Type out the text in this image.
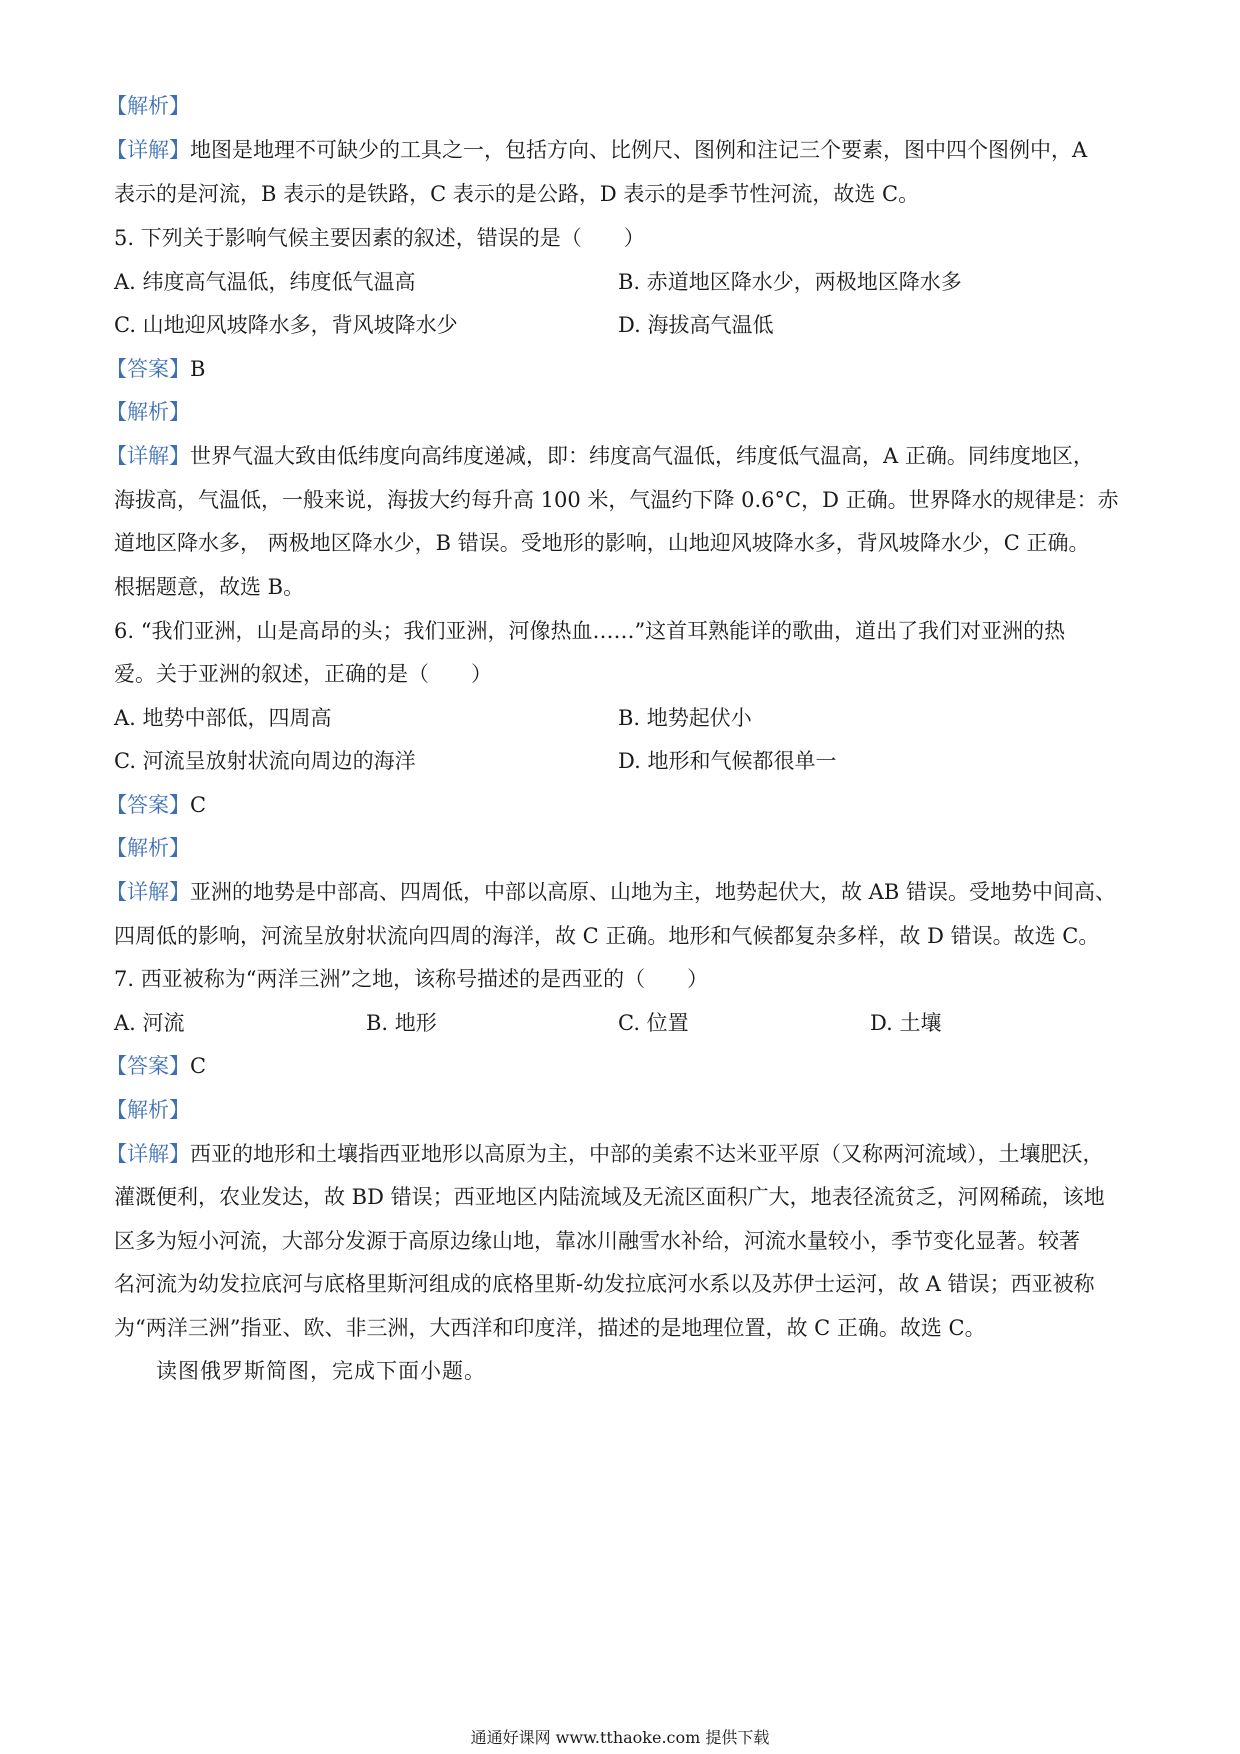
【解析】
【详解】地图是地理不可缺少的工具之一，包括方向、比例尺、图例和注记三个要素，图中四个图例中，A
表示的是河流，B 表示的是铁路，C 表示的是公路，D 表示的是季节性河流，故选 C。
5. 下列关于影响气候主要因素的叙述，错误的是（　　）
A. 纬度高气温低，纬度低气温高	B. 赤道地区降水少，两极地区降水多
C. 山地迎风坡降水多，背风坡降水少	D. 海拔高气温低
【答案】B
【解析】
【详解】世界气温大致由低纬度向高纬度递减，即：纬度高气温低，纬度低气温高，A 正确。同纬度地区，
海拔高，气温低，一般来说，海拔大约每升高 100 米，气温约下降 0.6°C，D 正确。世界降水的规律是：赤
道地区降水多， 两极地区降水少，B 错误。受地形的影响，山地迎风坡降水多，背风坡降水少，C 正确。
根据题意，故选 B。
6. “我们亚洲，山是高昂的头；我们亚洲，河像热血……”这首耳熟能详的歌曲，道出了我们对亚洲的热
爱。关于亚洲的叙述，正确的是（　　）
A. 地势中部低，四周高	B. 地势起伏小
C. 河流呈放射状流向周边的海洋	D. 地形和气候都很单一
【答案】C
【解析】
【详解】亚洲的地势是中部高、四周低，中部以高原、山地为主，地势起伏大，故 AB 错误。受地势中间高、
四周低的影响，河流呈放射状流向四周的海洋，故 C 正确。地形和气候都复杂多样，故 D 错误。故选 C。
7. 西亚被称为“两洋三洲”之地，该称号描述的是西亚的（　　）
A. 河流	B. 地形	C. 位置	D. 土壤
【答案】C
【解析】
【详解】西亚的地形和土壤指西亚地形以高原为主，中部的美索不达米亚平原（又称两河流域），土壤肥沃，
灌溉便利，农业发达，故 BD 错误；西亚地区内陆流域及无流区面积广大，地表径流贫乏，河网稀疏，该地
区多为短小河流，大部分发源于高原边缘山地，靠冰川融雪水补给，河流水量较小，季节变化显著。较著
名河流为幼发拉底河与底格里斯河组成的底格里斯-幼发拉底河水系以及苏伊士运河，故 A 错误；西亚被称
为“两洋三洲”指亚、欧、非三洲，大西洋和印度洋，描述的是地理位置，故 C 正确。故选 C。
读图俄罗斯简图，完成下面小题。
通通好课网 www.tthaoke.com 提供下载
